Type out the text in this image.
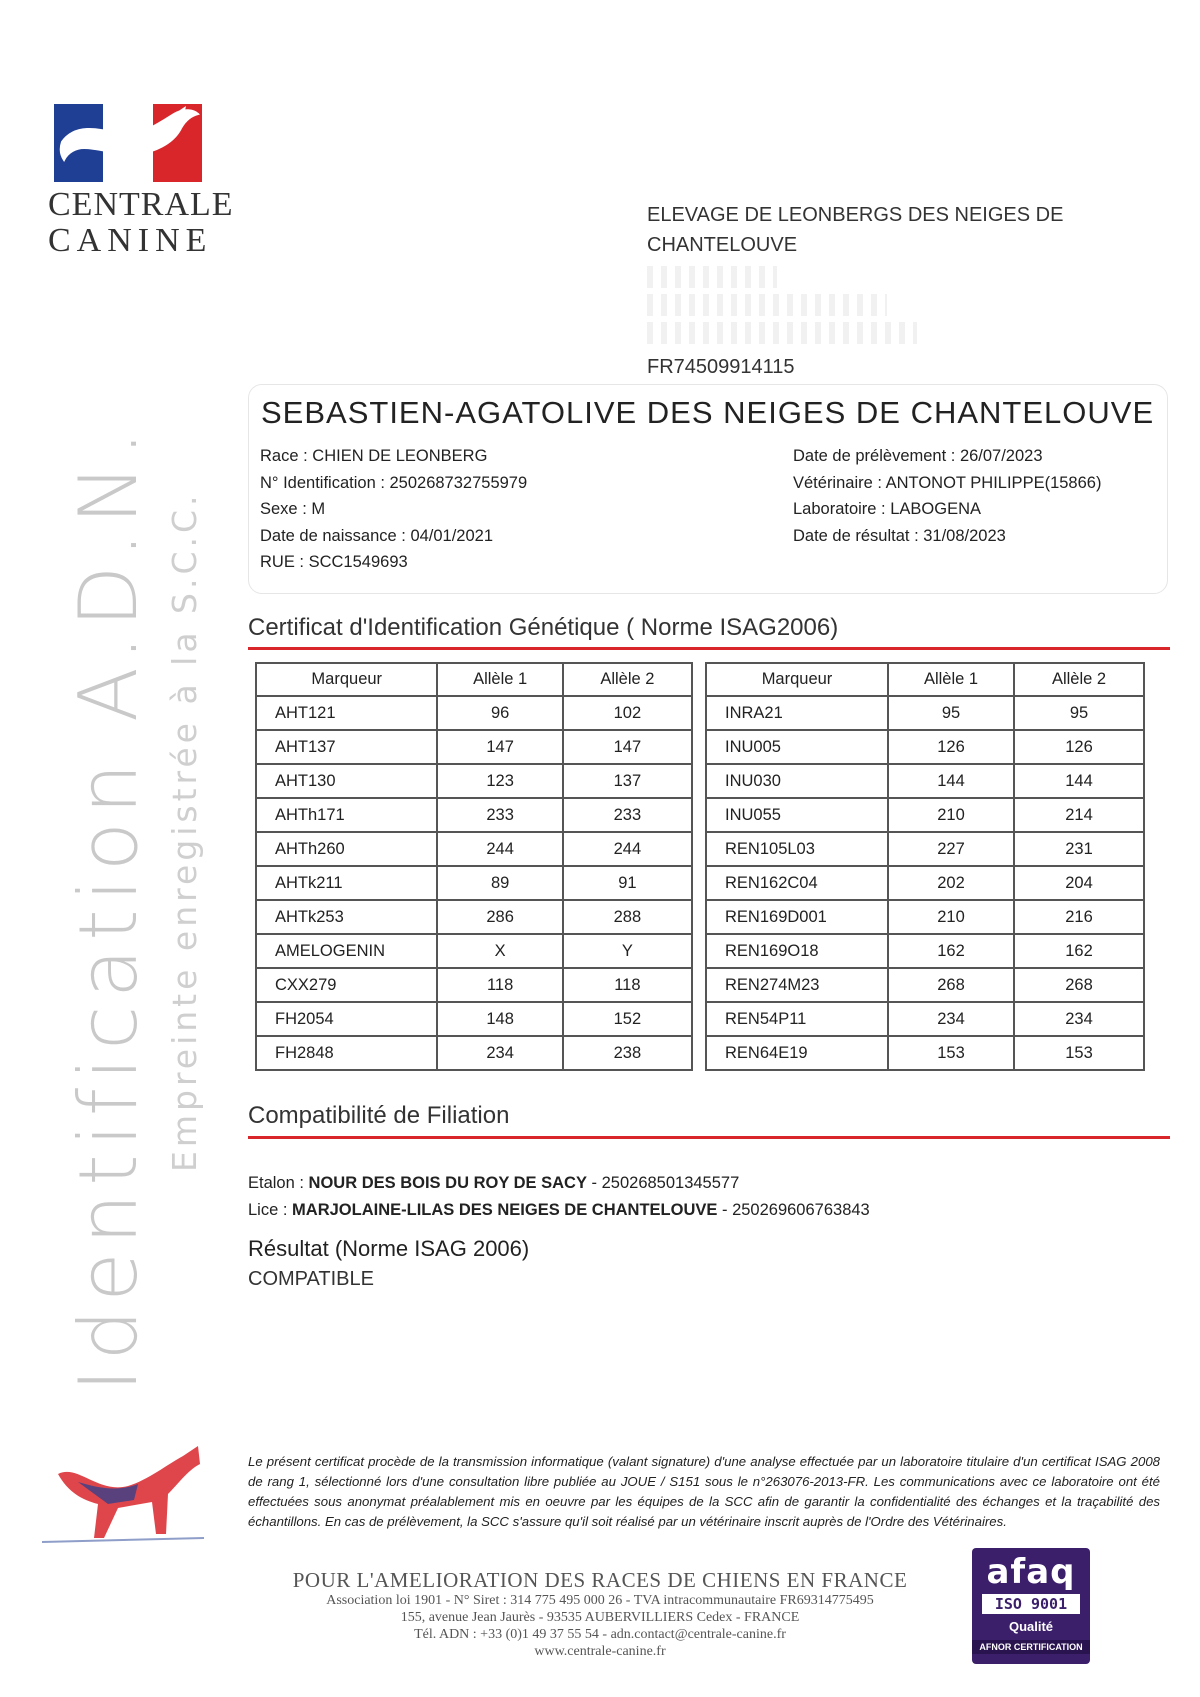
CENTRALE
CANINE
Identification A.D.N. Empreinte enregistrée à la S.C.C.
ELEVAGE DE LEONBERGS DES NEIGES DE
CHANTELOUVE
FR74509914115
SEBASTIEN-AGATOLIVE DES NEIGES DE CHANTELOUVE
Race : CHIEN DE LEONBERG
N° Identification : 250268732755979
Sexe : M
Date de naissance : 04/01/2021
RUE : SCC1549693
Date de prélèvement : 26/07/2023
Vétérinaire : ANTONOT PHILIPPE(15866)
Laboratoire : LABOGENA
Date de résultat : 31/08/2023
Certificat d'Identification Génétique ( Norme ISAG2006)
Marqueur	Allèle 1	Allèle 2
AHT121	96	102
AHT137	147	147
AHT130	123	137
AHTh171	233	233
AHTh260	244	244
AHTk211	89	91
AHTk253	286	288
AMELOGENIN	X	Y
CXX279	118	118
FH2054	148	152
FH2848	234	238
Marqueur	Allèle 1	Allèle 2
INRA21	95	95
INU005	126	126
INU030	144	144
INU055	210	214
REN105L03	227	231
REN162C04	202	204
REN169D001	210	216
REN169O18	162	162
REN274M23	268	268
REN54P11	234	234
REN64E19	153	153
Compatibilité de Filiation
Etalon : NOUR DES BOIS DU ROY DE SACY - 250268501345577
Lice : MARJOLAINE-LILAS DES NEIGES DE CHANTELOUVE - 250269606763843
Résultat (Norme ISAG 2006)
COMPATIBLE
Le présent certificat procède de la transmission informatique (valant signature) d'une analyse effectuée par un laboratoire titulaire d'un certificat ISAG 2008 de rang 1, sélectionné lors d'une consultation libre publiée au JOUE / S151 sous le n°263076-2013-FR. Les communications avec ce laboratoire ont été effectuées sous anonymat préalablement mis en oeuvre par les équipes de la SCC afin de garantir la confidentialité des échanges et la traçabilité des échantillons. En cas de prélèvement, la SCC s'assure qu'il soit réalisé par un vétérinaire inscrit auprès de l'Ordre des Vétérinaires.
POUR L'AMELIORATION DES RACES DE CHIENS EN FRANCE
Association loi 1901 - N° Siret : 314 775 495 000 26 - TVA intracommunautaire FR69314775495
155, avenue Jean Jaurès - 93535 AUBERVILLIERS Cedex - FRANCE
Tél. ADN : +33 (0)1 49 37 55 54 - adn.contact@centrale-canine.fr
www.centrale-canine.fr
afaq
ISO 9001
Qualité
AFNOR CERTIFICATION
